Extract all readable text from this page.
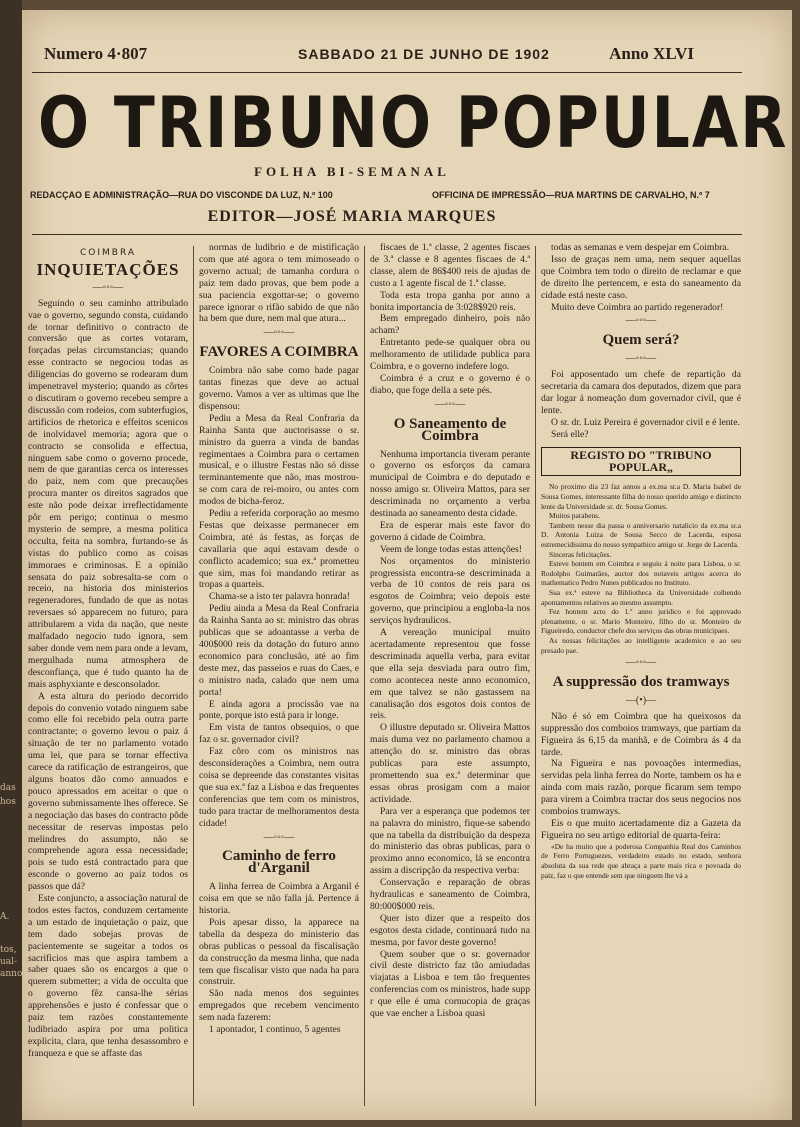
das
hos
A.
tos,
ual-
anno
Numero 4·807	SABBADO 21 DE JUNHO DE 1902	Anno XLVI
O TRIBUNO POPULAR
FOLHA BI-SEMANAL
REDACÇAO E ADMINISTRAÇÃO—RUA DO VISCONDE DA LUZ, N.º 100	OFFICINA DE IMPRESSÃO—RUA MARTINS DE CARVALHO, N.º 7
EDITOR—JOSÉ MARIA MARQUES
COIMBRA
INQUIETAÇÕES
—◦◦◦—

Seguindo o seu caminho attribulado vae o governo, segundo consta, cuidando de tornar definitivo o contracto de conversão que as cortes votaram, forçadas pelas circumstancias; quando esse contracto se negociou todas as diligencias do governo se rodearam dum impenetravel mysterio; quando as côrtes o discutiram o governo recebeu sempre a discussão com rodeios, com subterfugios, artificios de rhetorica e effeitos scenicos de inolvidavel memoria; agora que o contracto se consolida e effectua, ninguem sabe como o governo procede, nem de que garantias cerca os interesses do paiz, nem com que precauções procura manter os direitos sagrados que este não pode deixar irreflectidamente pôr em perigo; continua o mesmo mysterio de sempre, a mesma politica occulta, feita na sombra, furtando-se ás vistas do publico como as coisas immoraes e criminosas. E a opinião sensata do paiz sobresalta-se com o receio, na historia dos ministerios regeneradores, fundado de que as notas reversaes só apparecem no futuro, para attribularem a vida da nação, que neste malfadado negocio tudo ignora, sem saber donde vem nem para onde a levam, mergulhada numa atmosphera de desconfiança, que é tudo quanto ha de mais asphyxiante e desconsolador.

A esta altura do periodo decorrido depois do convenio votado ninguem sabe como elle foi recebido pela outra parte contractante; o governo levou o paiz á situação de ter no parlamento votado uma lei, que para se tornar effectiva carece da ratificação de estrangeiros, que alguns boatos dão como annuados e pouco apressados em aceitar o que o governo submissamente lhes offerece. Se a negociação das bases do contracto pôde necessitar de reservas impostas pelo melindres do assumpto, não se comprehende agora essa necessidade; pois se tudo está contractado para que esconde o governo ao paiz todos os passos que dá?

Este conjuncto, a associação natural de todos estes factos, conduzem certamente a um estado de inquietação o paiz, que tem dado sobejas provas de pacientemente se sugeitar a todos os sacrificios mas que aspira tambem a saber quaes são os encargos a que o querem submetter; a vida de occulta que o governo fêz cansa-lhe sérias apprehensões e justo é confessar que o paiz tem razões constantemente ludibriado aspira por uma politica explicita, clara, que tenha desassombro e franqueza e que se affaste das

normas de ludibrio e de mistificação com que até agora o tem mimoseado o governo actual; de tamanha cordura o paiz tem dado provas, que bem pode a sua paciencia exgottar-se; o governo parece ignorar o rifão sabido de que não ha bem que dure, nem mal que atura...

—◦◦◦—
FAVORES A COIMBRA

Coimbra não sabe como hade pagar tantas finezas que deve ao actual governo. Vamos a ver as ultimas que lhe dispensou:

Pediu a Mesa da Real Confraria da Rainha Santa que auctorisasse o sr. ministro da guerra a vinda de bandas regimentaes a Coimbra para o certamen musical, e o illustre Festas não só disse terminantemente que não, mas mostrou-se com cara de rei-moiro, ou antes com modos de bicha-feroz.

Pediu a referida corporação ao mesmo Festas que deixasse permanecer em Coimbra, até ás festas, as forças de cavallaria que aqui estavam desde o conflicto academico; sua ex.ª prometteu que sim, mas foi mandando retirar as tropas a quarteis.

Chama-se a isto ter palavra honrada!

Pediu ainda a Mesa da Real Confraria da Rainha Santa ao sr. ministro das obras publicas que se adoantasse a verba de 400$000 reis da dotação do futuro anno economico para conclusão, até ao fim deste mez, das passeios e ruas do Caes, e o ministro nada, calado que nem uma porta!

E ainda agora a procissão vae na ponte, porque isto está para ir longe.

Em vista de tantos obsequios, o que faz o sr. governador civil?

Faz côro com os ministros nas desconsiderações a Coimbra, nem outra coisa se depreende das constantes visitas que sua ex.ª faz a Lisboa e das frequentes conferencias que tem com os ministros, tudo para tractar de melhoramentos desta cidade!

—◦◦◦—
Caminho de ferro d'Arganil

A linha ferrea de Coimbra a Arganil é coisa em que se não falla já. Pertence á historia.

Pois apesar disso, la apparece na tabella da despeza do ministerio das obras publicas o pessoal da fiscalisação da construcção da mesma linha, que nada tem que fiscalisar visto que nada ha para construir.

São nada menos dos seguintes empregados que recebem vencimento sem nada fazerem:

1 apontador, 1 continuo, 5 agentes

fiscaes de 1.ª classe, 2 agentes fiscaes de 3.ª classe e 8 agentes fiscaes de 4.ª classe, alem de 86$400 reis de ajudas de custo a 1 agente fiscal de 1.ª classe.

Toda esta tropa ganha por anno a bonita importancia de 3:028$920 reis.

Bem empregado dinheiro, pois não acham?

Entretanto pede-se qualquer obra ou melhoramento de utilidade publica para Coimbra, e o governo indefere logo.

Coimbra é a cruz e o governo é o diabo, que foge della a sete pés.

—◦◦◦—
O Saneamento de Coimbra

Nenhuma importancia tiveram perante o governo os esforços da camara municipal de Coimbra e do deputado e nosso amigo sr. Oliveira Mattos, para ser descriminada no orçamento a verba destinada ao saneamento desta cidade.

Era de esperar mais este favor do governo á cidade de Coimbra.

Veem de longe todas estas attenções!

Nos orçamentos do ministerio progressista encontra-se descriminada a verba de 10 contos de reis para os esgotos de Coimbra; veio depois este governo, que principiou a engloba-la nos serviços hydraulicos.

A vereação municipal muito acertadamente representou que fosse descriminada aquella verba, para evitar que ella seja desviada para outro fim, como acontecea neste anno economico, em que talvez se não gastassem na canalisação dos esgotos dois contos de reis.

O illustre deputado sr. Oliveira Mattos mais duma vez no parlamento chamou a attenção do sr. ministro das obras publicas para este assumpto, promettendo sua ex.ª determinar que essas obras prosigam com a maior actividade.

Para ver a esperança que podemos ter na palavra do ministro, fique-se sabendo que na tabella da distribuição da despeza do ministerio das obras publicas, para o proximo anno economico, lá se encontra assim a discripção da respectiva verba:

Conservação e reparação de obras hydraulicas e saneamento de Coimbra, 80:000$000 reis.

Quer isto dizer que a respeito dos esgotos desta cidade, continuará tudo na mesma, por favor deste governo!

Quem souber que o sr. governador civil deste districto faz tão amiudadas viajatas a Lisboa e tem tão frequentes conferencias com os ministros, hade supp r que elle é uma cornucopia de graças que vae encher a Lisboa quasi

todas as semanas e vem despejar em Coimbra.

Isso de graças nem uma, nem sequer aquellas que Coimbra tem todo o direito de reclamar e que de direito lhe pertencem, e esta do saneamento da cidade está neste caso.

Muito deve Coimbra ao partido regenerador!

—◦◦◦—
Quem será?
—◦◦◦—

Foi apposentado um chefe de repartição da secretaria da camara dos deputados, dizem que para dar logar á nomeação dum governador civil, que é lente.

O sr. dr. Luiz Pereira é governador civil e é lente.

Será elle?

REGISTO DO "TRIBUNO POPULAR„

No proximo dia 23 faz annos a ex.ma sr.a D. Maria Isabel de Sousa Gomes, interessante filha do nosso querido amigo e distincto lente da Universidade sr. dr. Sousa Gomes.

Muitos parabens.

Tambem nesse dia passa o anniversario natalicio da ex.ma sr.a D. Antonia Luiza de Sousa Secco de Lacerda, esposa estremecidissima do nosso sympathico amigo sr. Jorge de Lacerda.

Sinceras felicitações.

Esteve hontem em Coimbra e seguiu á noite para Lisboa, o sr. Rodolpho Guimarães, auctor dos notaveis artigos acerca do mathematico Pedro Nunes publicados no Instituto.

Sua ex.ª esteve na Bibliotheca da Universidade colhendo apontamentos relativos ao mesmo assumpto.

Fez hontem acto do 1.º anno juridico e foi approvado plenamente, o sr. Mario Monteiro, filho do sr. Monteiro de Figueiredo, conductor chefe dos serviços das obras municipaes.

As nossas felicitações ao intelligente academico e ao seu presado pae.

—◦◦◦—
A suppressão dos tramways
—(•)—

Não é só em Coimbra que ha queixosos da suppressão dos comboios tramways, que partiam da Figueira ás 6,15 da manhã, e de Coimbra ás 4 da tarde.

Na Figueira e nas povoações intermedias, servidas pela linha ferrea do Norte, tambem os ha e ainda com mais razão, porque ficaram sem tempo para virem a Coimbra tractar dos seus negocios nos comboios tramways.

Eis o que muito acertadamente diz a Gazeta da Figueira no seu artigo editorial de quarta-feira:

«De ha muito que a poderosa Companhia Real dos Caminhos de Ferro Portuguezes, verdadeiro estado no estado, senhora absoluta da sua rede que abraça a parte mais rica e povoada do paiz, faz o que entende sem que ninguem lhe vá a
